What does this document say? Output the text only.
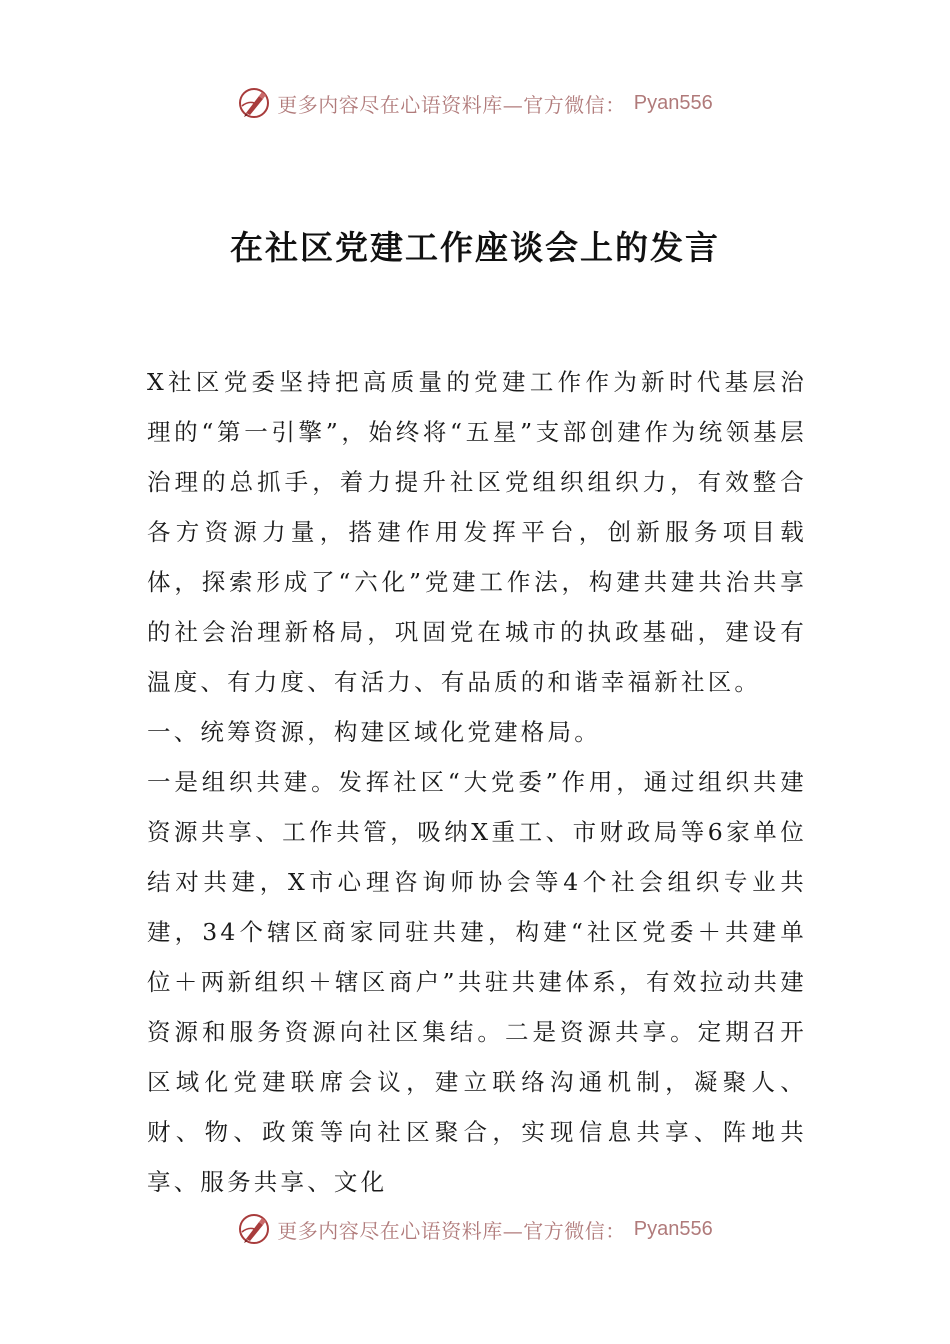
更多内容尽在心语资料库—官方微信： Pyan556
在社区党建工作座谈会上的发言

X社区党委坚持把高质量的党建工作作为新时代基层治理的“第一引擎”，始终将“五星”支部创建作为统领基层治理的总抓手，着力提升社区党组织组织力，有效整合各方资源力量，搭建作用发挥平台，创新服务项目载体，探索形成了“六化”党建工作法，构建共建共治共享的社会治理新格局，巩固党在城市的执政基础，建设有温度、有力度、有活力、有品质的和谐幸福新社区。

一、统筹资源，构建区域化党建格局。

一是组织共建。发挥社区“大党委”作用，通过组织共建资源共享、工作共管，吸纳X重工、市财政局等6家单位结对共建，X市心理咨询师协会等4个社会组织专业共建，34个辖区商家同驻共建，构建“社区党委＋共建单位＋两新组织＋辖区商户”共驻共建体系，有效拉动共建资源和服务资源向社区集结。二是资源共享。定期召开区域化党建联席会议，建立联络沟通机制，凝聚人、财、物、政策等向社区聚合，实现信息共享、阵地共享、服务共享、文化

更多内容尽在心语资料库—官方微信： Pyan556
